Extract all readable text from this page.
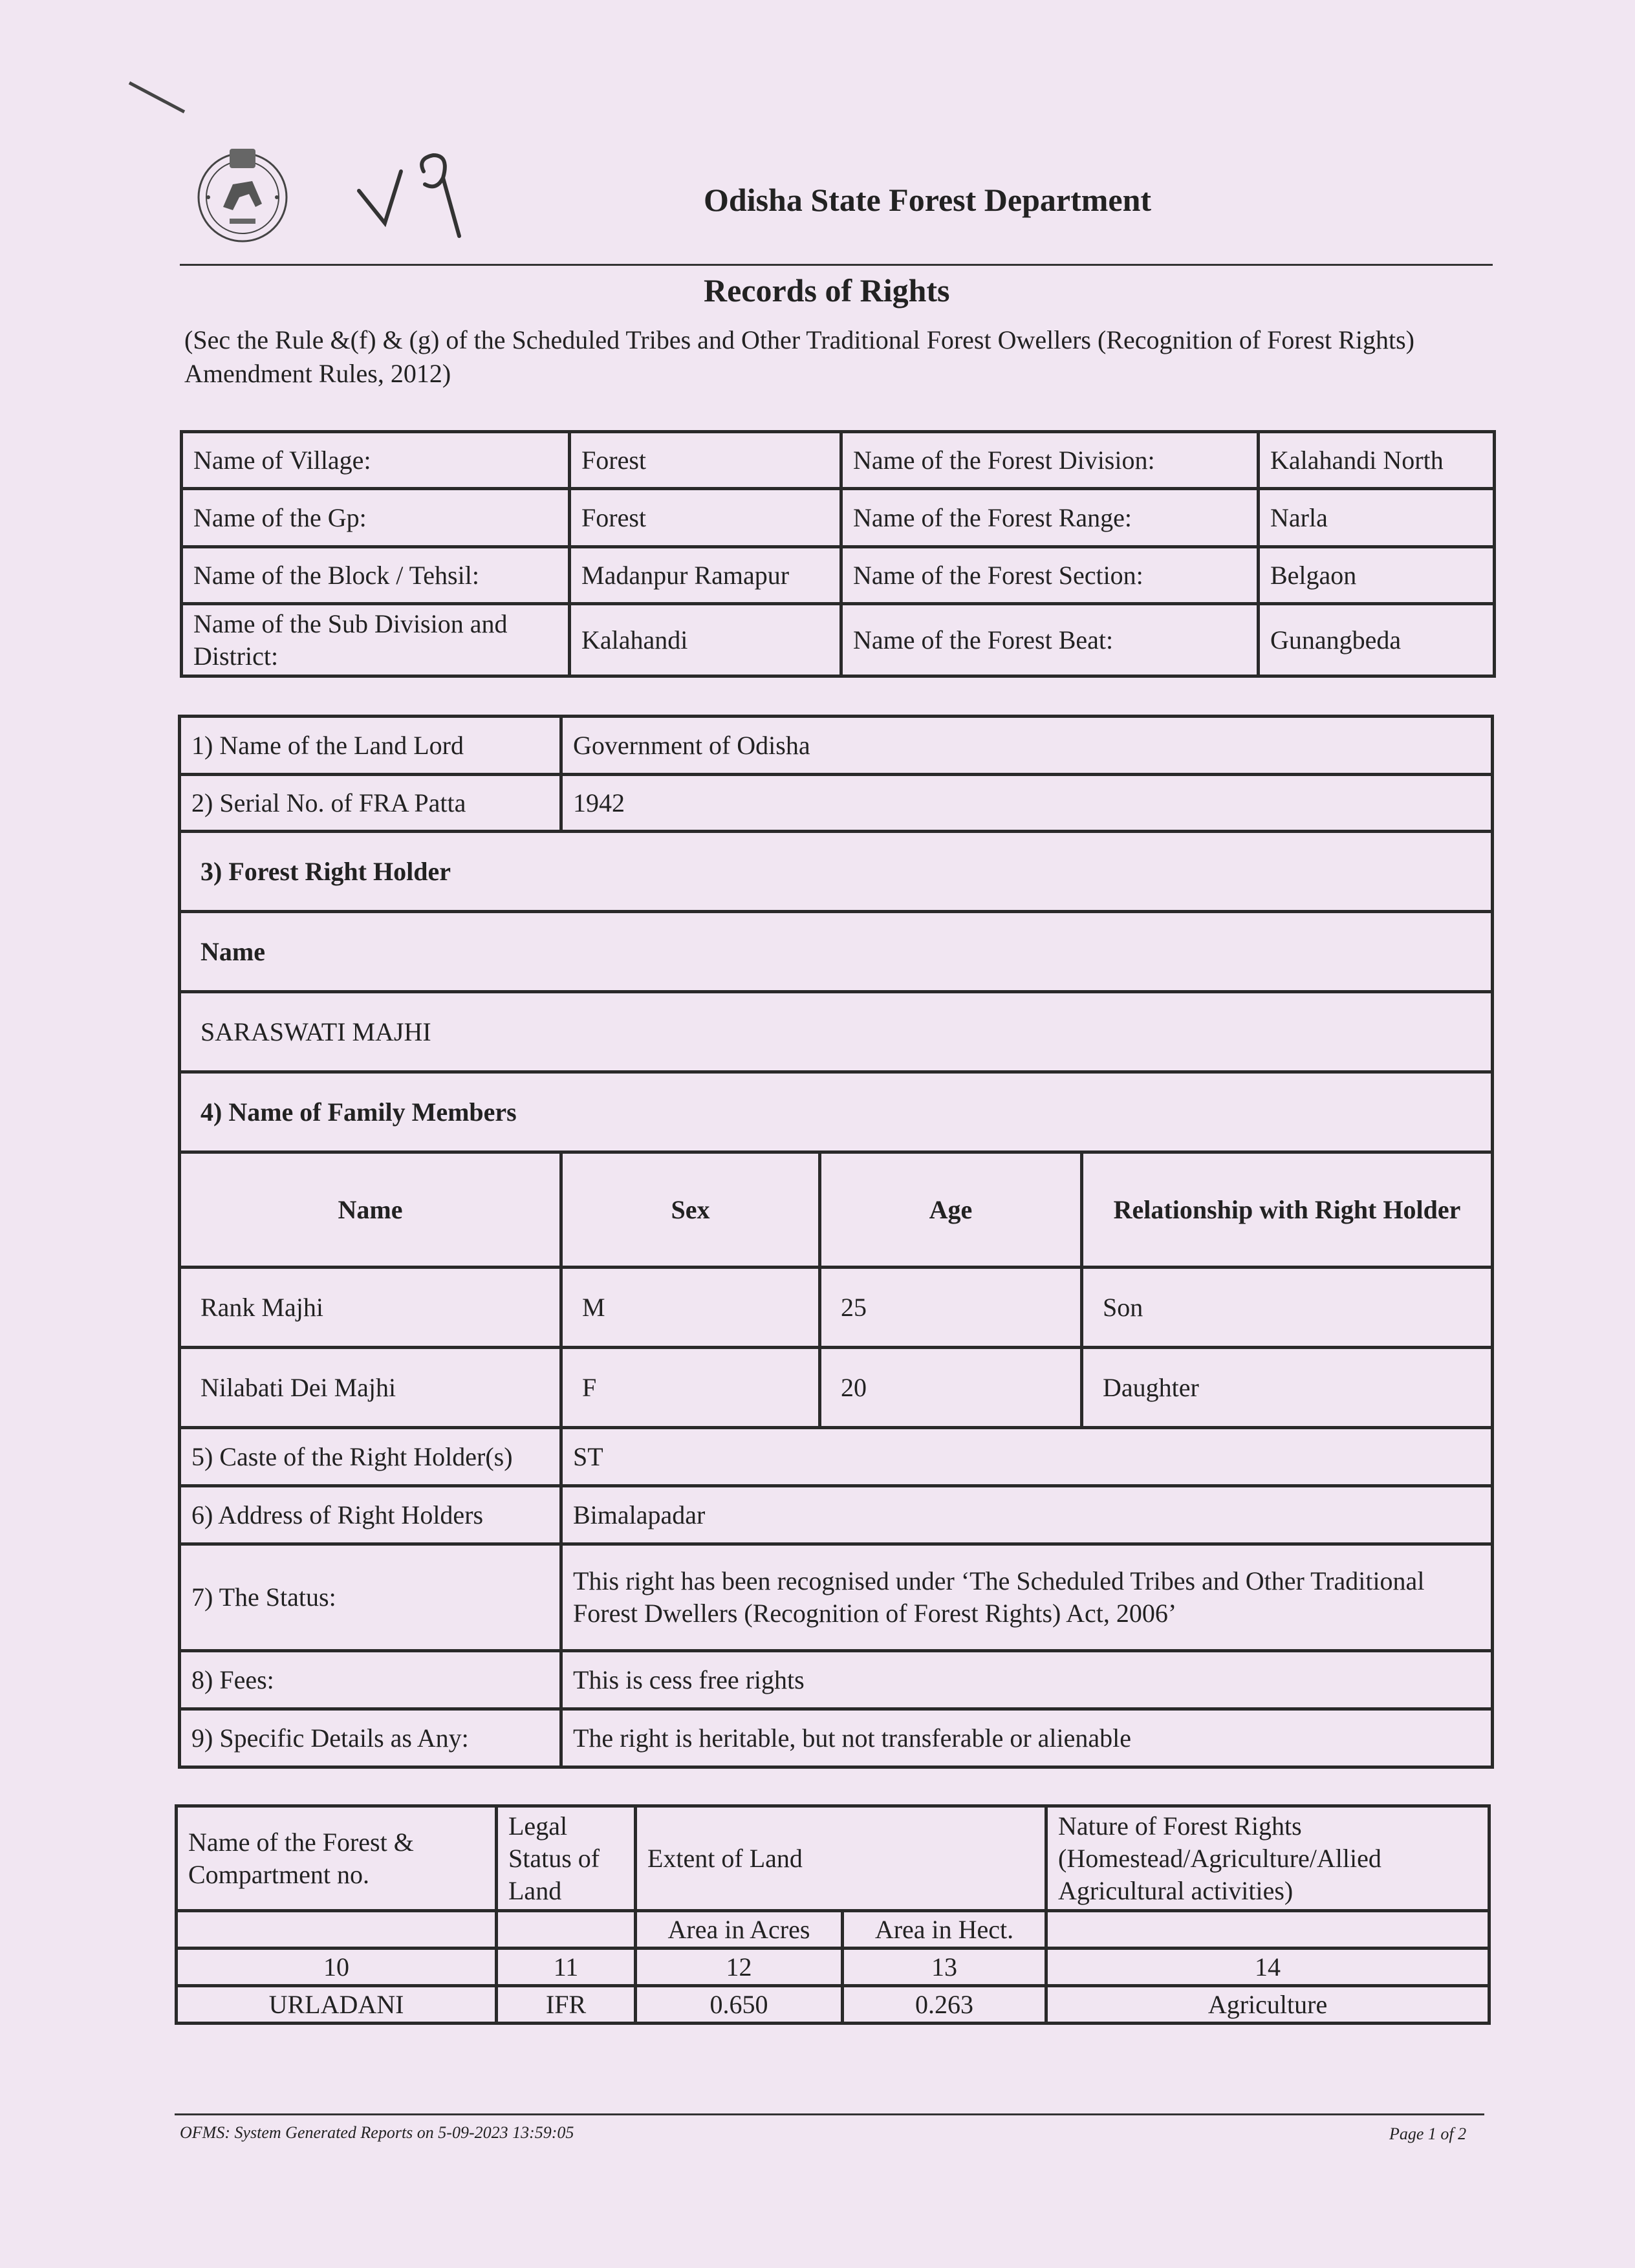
Odisha State Forest Department
Records of Rights
(Sec the Rule &(f) & (g) of the Scheduled Tribes and Other Traditional Forest Owellers (Recognition of Forest Rights) Amendment Rules, 2012)
Name of Village:	Forest	Name of the Forest Division:	Kalahandi North
Name of the Gp:	Forest	Name of the Forest Range:	Narla
Name of the Block / Tehsil:	Madanpur Ramapur	Name of the Forest Section:	Belgaon
Name of the Sub Division and District:	Kalahandi	Name of the Forest Beat:	Gunangbeda
1) Name of the Land Lord	Government of Odisha		
2) Serial No. of FRA Patta	1942		
3) Forest Right Holder			
Name			
SARASWATI MAJHI			
4) Name of Family Members			
Name	Sex	Age	Relationship with Right Holder
Rank Majhi	M	25	Son
Nilabati Dei Majhi	F	20	Daughter
5) Caste of the Right Holder(s)	ST		
6) Address of Right Holders	Bimalapadar		
7) The Status:	This right has been recognised under ‘The Scheduled Tribes and Other Traditional
Forest Dwellers (Recognition of Forest Rights) Act, 2006’		

8) Fees:	This is cess free rights		
9) Specific Details as Any:	The right is heritable, but not transferable or alienable		
Name of the Forest & Compartment no.	Legal Status of Land	Extent of Land		Nature of Forest Rights (Homestead/Agriculture/Allied Agricultural activities)
		Area in Acres	Area in Hect.	
10	11	12	13	14
URLADANI	IFR	0.650	0.263	Agriculture
OFMS: System Generated Reports on 5-09-2023 13:59:05	Page 1 of 2
